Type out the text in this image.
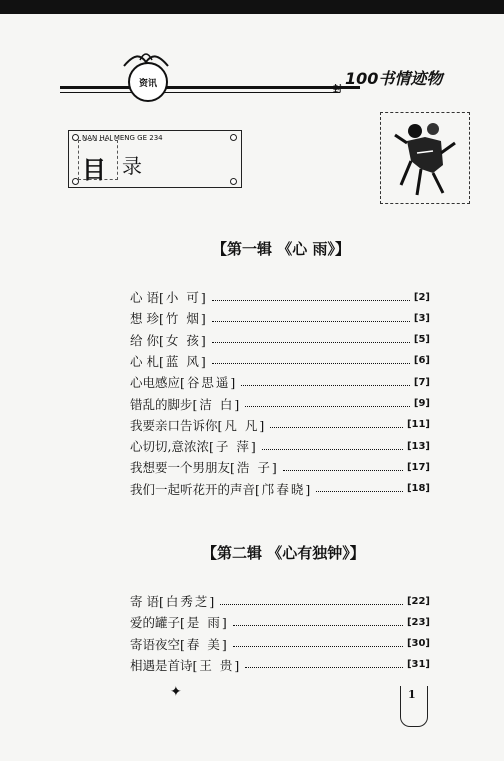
资讯
封
100书情迹物
NAN HAI MENG GE 234
目 录
【第一辑 《心 雨》】
心 语 [小 可]	[2]
想 珍 [竹 烟]	[3]
给 你 [女 孩]	[5]
心 札 [蓝 风]	[6]
心电感应 [谷思遥]	[7]
错乱的脚步 [洁 白]	[9]
我要亲口告诉你 [凡 凡]	[11]
心切切,意浓浓 [子 萍]	[13]
我想要一个男朋友 [浩 子]	[17]
我们一起听花开的声音 [邝春晓]	[18]
【第二辑 《心有独钟》】
寄 语 [白秀芝]	[22]
爱的罐子 [是 雨]	[23]
寄语夜空 [春 美]	[30]
相遇是首诗 [王 贵]	[31]
✦	1
